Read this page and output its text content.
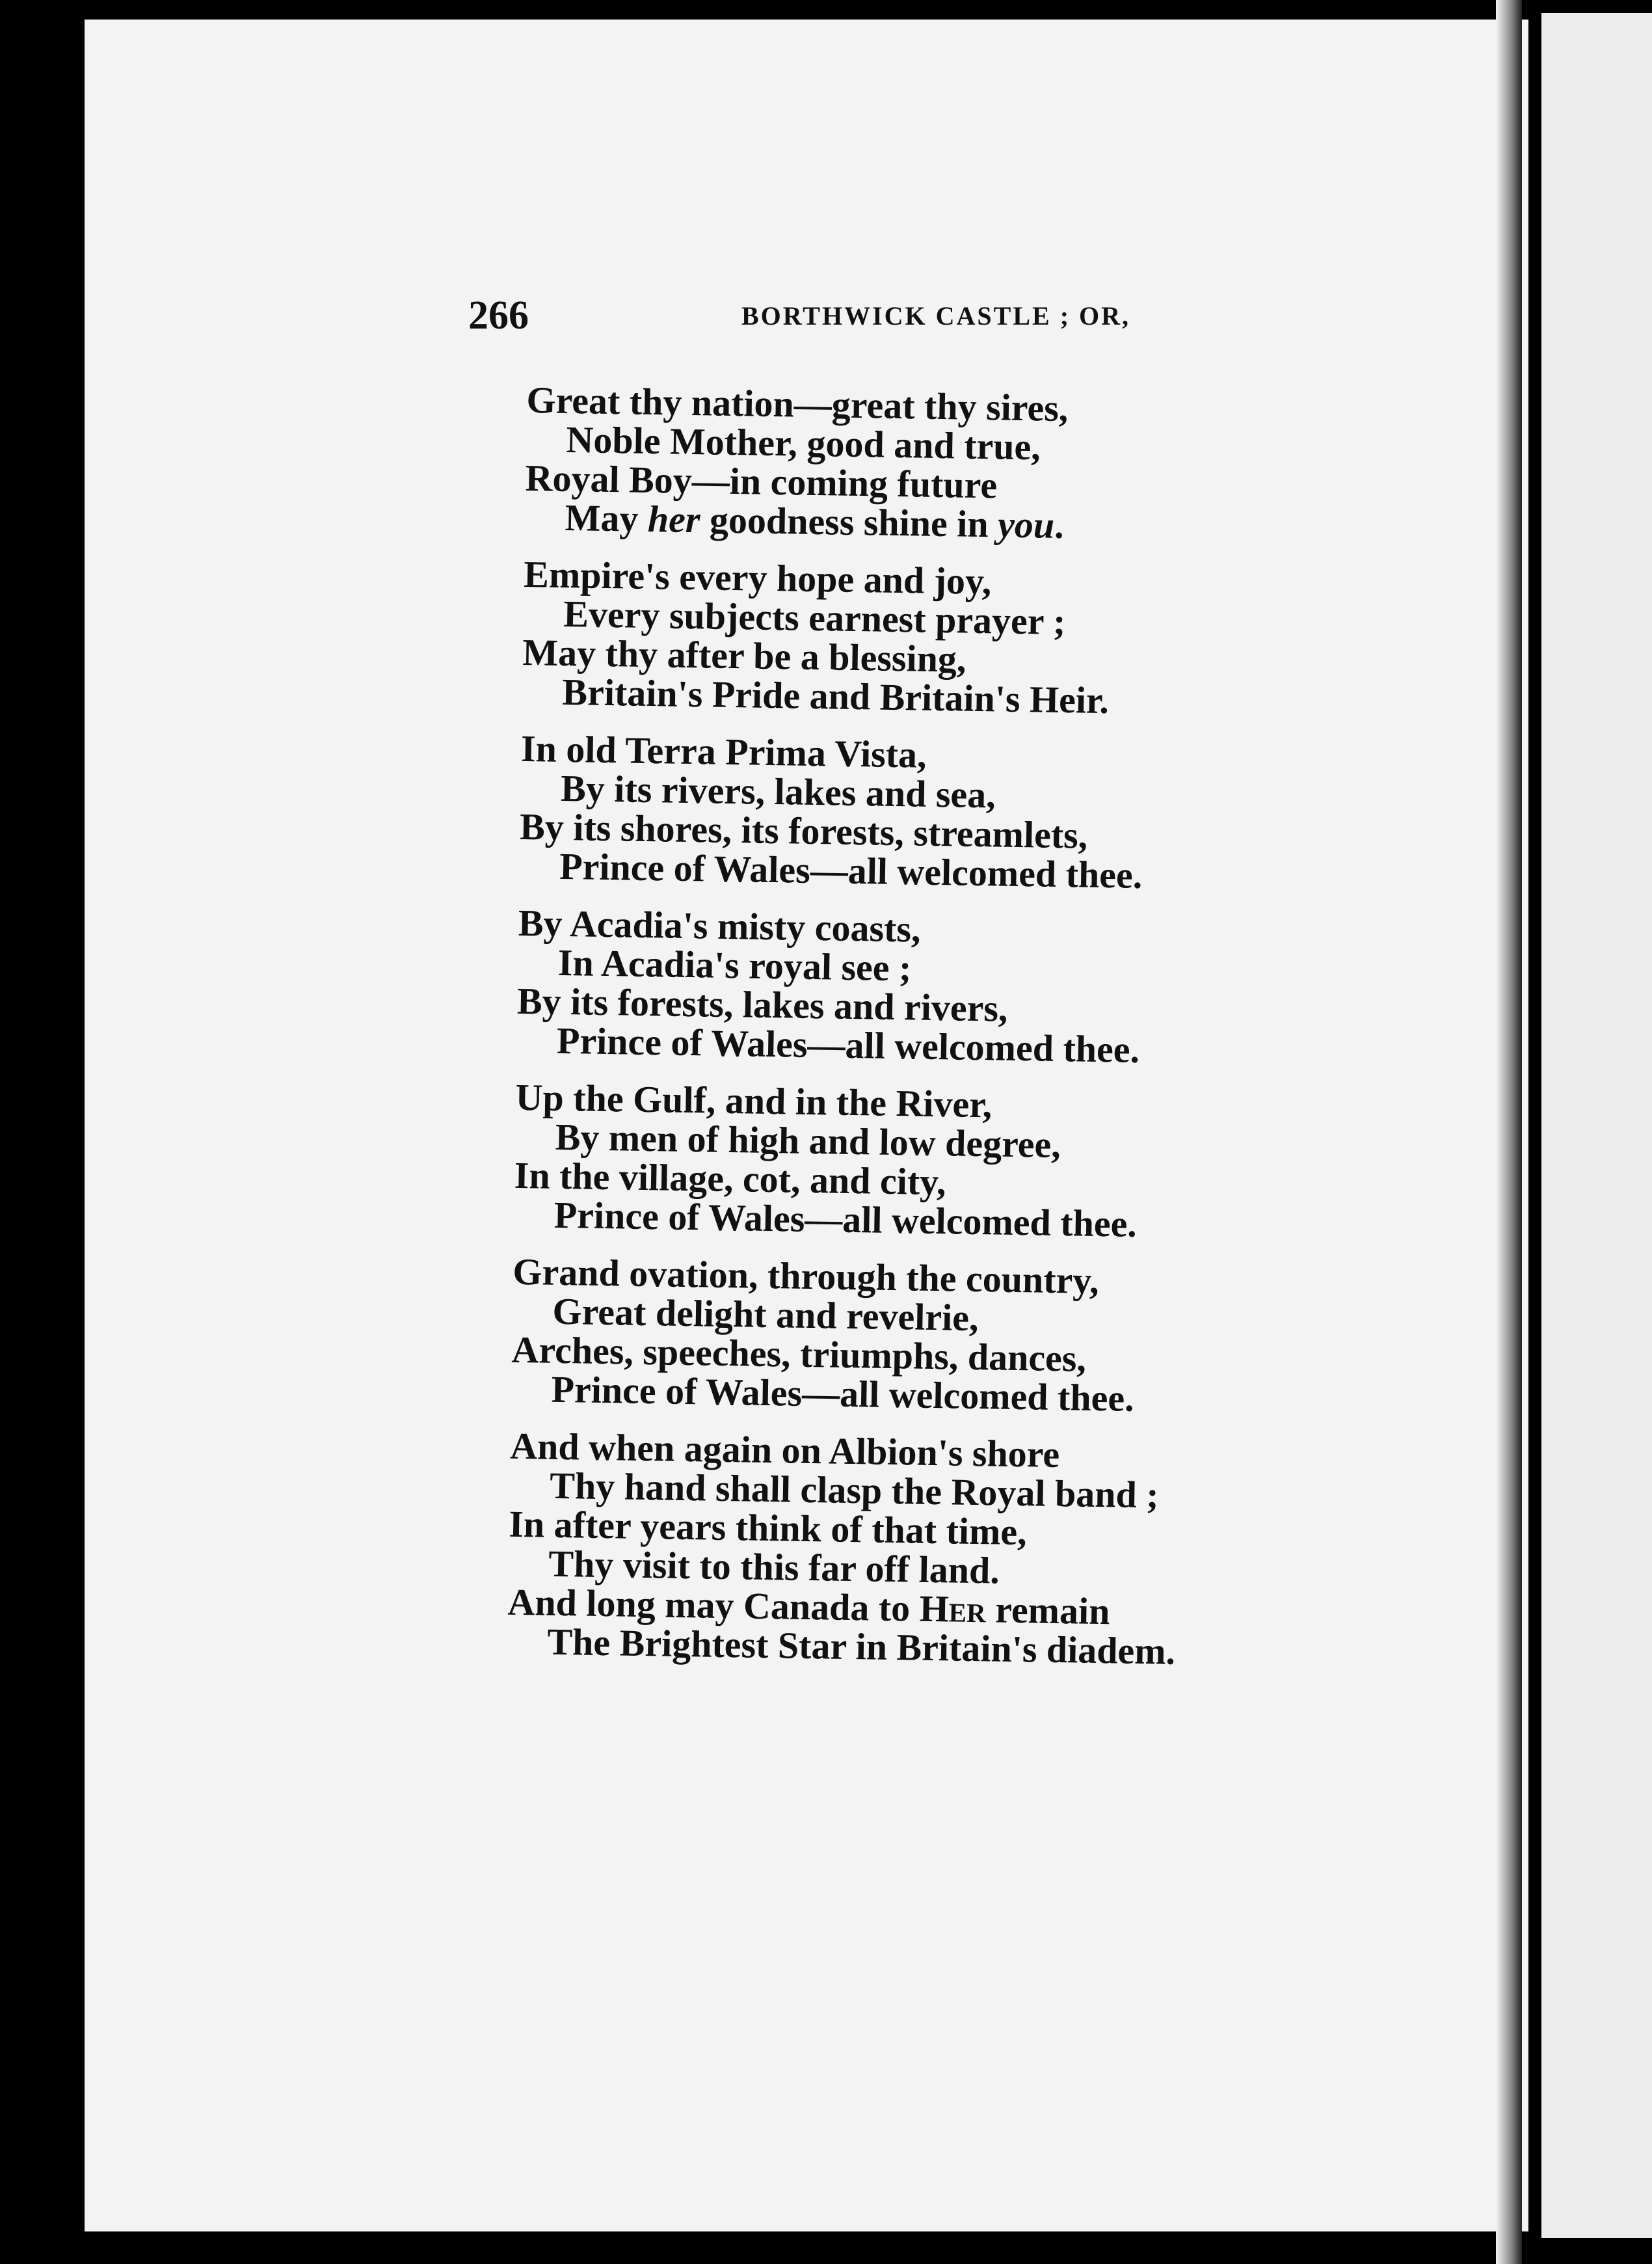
266	BORTHWICK CASTLE ; OR,
Great thy nation—great thy sires,
Noble Mother, good and true,
Royal Boy—in coming future
May her goodness shine in you.
Empire's every hope and joy,
Every subjects earnest prayer ;
May thy after be a blessing,
Britain's Pride and Britain's Heir.
In old Terra Prima Vista,
By its rivers, lakes and sea,
By its shores, its forests, streamlets,
Prince of Wales—all welcomed thee.
By Acadia's misty coasts,
In Acadia's royal see ;
By its forests, lakes and rivers,
Prince of Wales—all welcomed thee.
Up the Gulf, and in the River,
By men of high and low degree,
In the village, cot, and city,
Prince of Wales—all welcomed thee.
Grand ovation, through the country,
Great delight and revelrie,
Arches, speeches, triumphs, dances,
Prince of Wales—all welcomed thee.
And when again on Albion's shore
Thy hand shall clasp the Royal band ;
In after years think of that time,
Thy visit to this far off land.
And long may Canada to Her remain
The Brightest Star in Britain's diadem.
